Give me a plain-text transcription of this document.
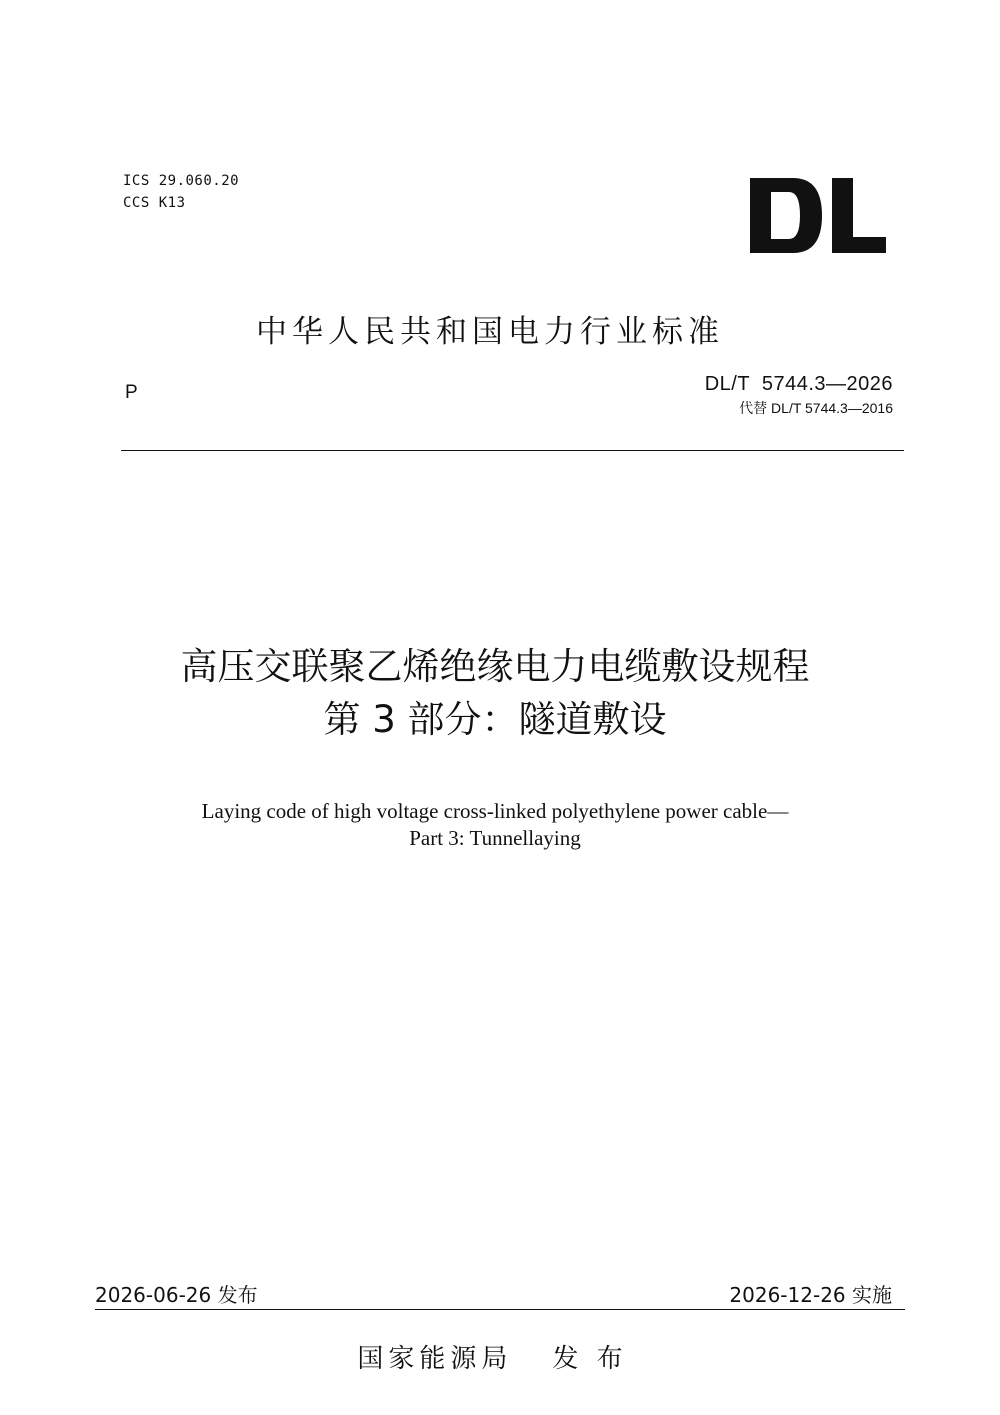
ICS 29.060.20
CCS K13
中华人民共和国电力行业标准
P	DL/T  5744.3—2026
代替 DL/T 5744.3—2016
高压交联聚乙烯绝缘电力电缆敷设规程
第 3 部分：隧道敷设
Laying code of high voltage cross-linked polyethylene power cable—
Part 3: Tunnellaying
2026-06-26 发布	2026-12-26 实施
国家能源局 发 布
